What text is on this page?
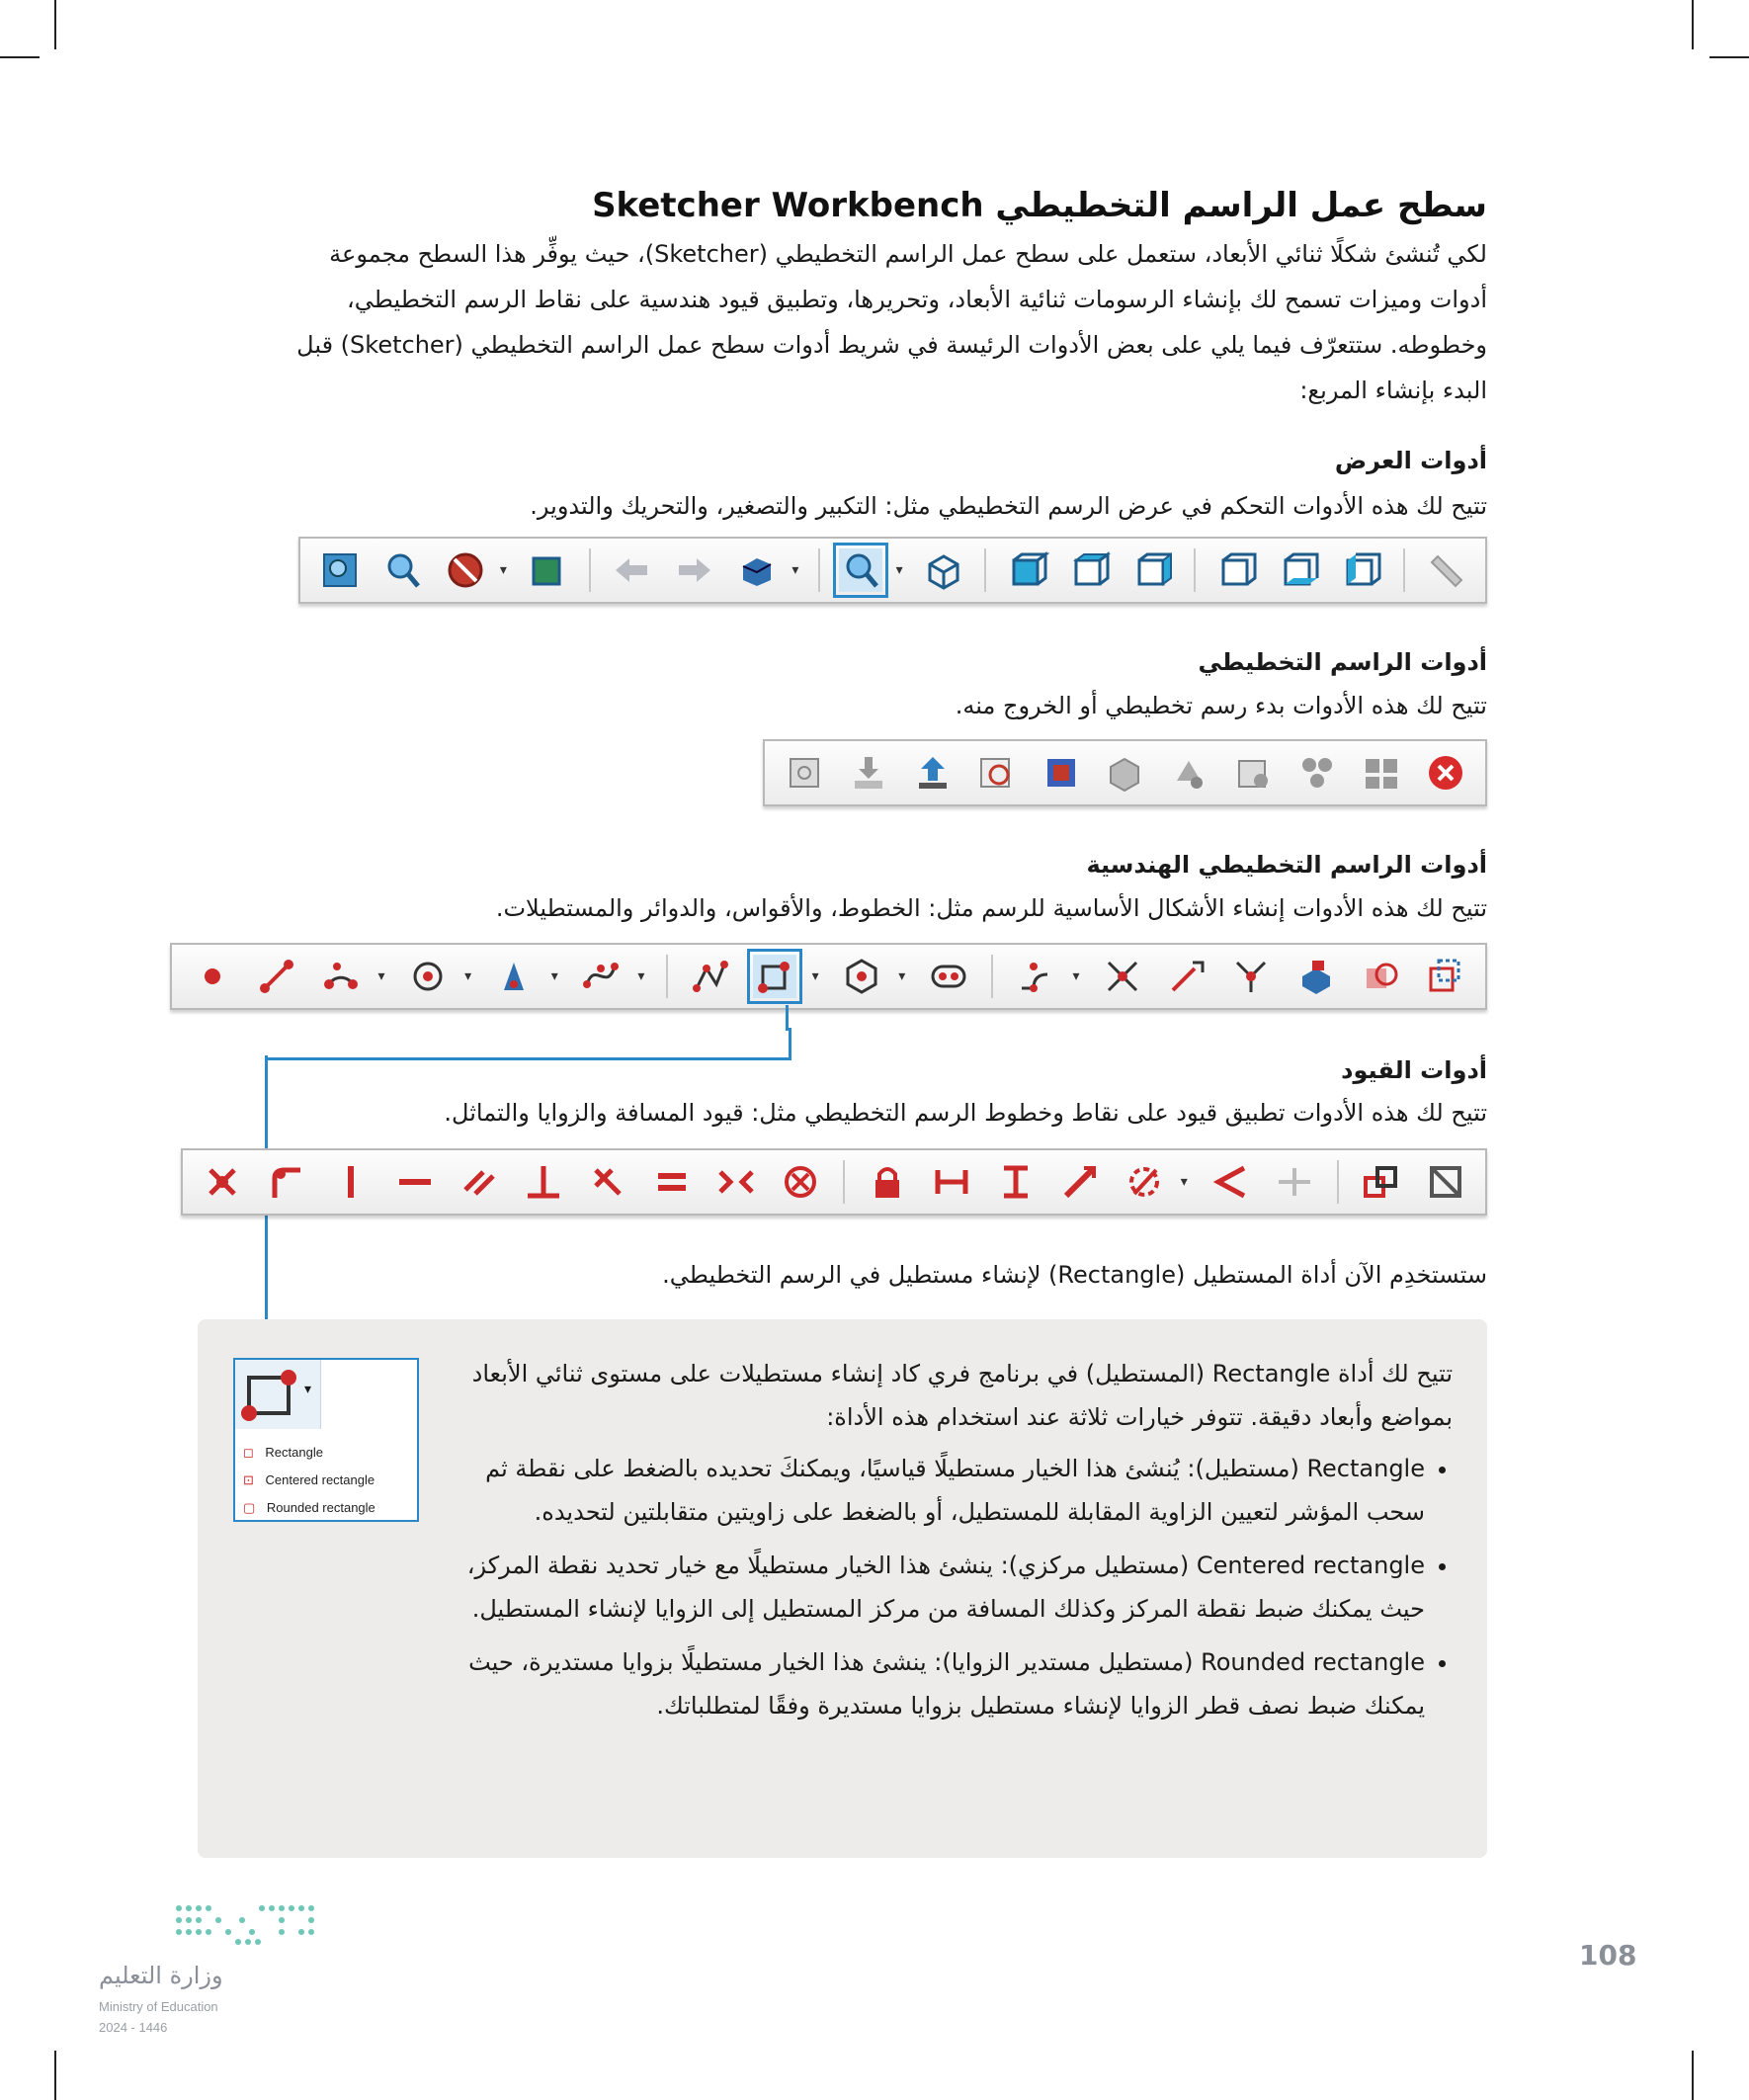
سطح عمل الراسم التخطيطي Sketcher Workbench
لكي تُنشئ شكلًا ثنائي الأبعاد، ستعمل على سطح عمل الراسم التخطيطي (Sketcher)، حيث يوفِّر هذا السطح مجموعة أدوات وميزات تسمح لك بإنشاء الرسومات ثنائية الأبعاد، وتحريرها، وتطبيق قيود هندسية على نقاط الرسم التخطيطي، وخطوطه. ستتعرّف فيما يلي على بعض الأدوات الرئيسة في شريط أدوات سطح عمل الراسم التخطيطي (Sketcher) قبل البدء بإنشاء المربع:
أدوات العرض
تتيح لك هذه الأدوات التحكم في عرض الرسم التخطيطي مثل: التكبير والتصغير، والتحريك والتدوير.
▾	▾	▾
أدوات الراسم التخطيطي
تتيح لك هذه الأدوات بدء رسم تخطيطي أو الخروج منه.
أدوات الراسم التخطيطي الهندسية
تتيح لك هذه الأدوات إنشاء الأشكال الأساسية للرسم مثل: الخطوط، والأقواس، والدوائر والمستطيلات.
▾	▾	▾	▾	▾	▾	▾
أدوات القيود
تتيح لك هذه الأدوات تطبيق قيود على نقاط وخطوط الرسم التخطيطي مثل: قيود المسافة والزوايا والتماثل.
▾
ستستخدِم الآن أداة المستطيل (Rectangle) لإنشاء مستطيل في الرسم التخطيطي.
▾
◻ Rectangle
⊡ Centered rectangle
▢ Rounded rectangle
تتيح لك أداة Rectangle (المستطيل) في برنامج فري كاد إنشاء مستطيلات على مستوى ثنائي الأبعاد بمواضع وأبعاد دقيقة. تتوفر خيارات ثلاثة عند استخدام هذه الأداة:
• Rectangle (مستطيل): يُنشئ هذا الخيار مستطيلًا قياسيًا، ويمكنكَ تحديده بالضغط على نقطة ثم سحب المؤشر لتعيين الزاوية المقابلة للمستطيل، أو بالضغط على زاويتين متقابلتين لتحديده.
• Centered rectangle (مستطيل مركزي): ينشئ هذا الخيار مستطيلًا مع خيار تحديد نقطة المركز، حيث يمكنك ضبط نقطة المركز وكذلك المسافة من مركز المستطيل إلى الزوايا لإنشاء المستطيل.
• Rounded rectangle (مستطيل مستدير الزوايا): ينشئ هذا الخيار مستطيلًا بزوايا مستديرة، حيث يمكنك ضبط نصف قطر الزوايا لإنشاء مستطيل بزوايا مستديرة وفقًا لمتطلباتك.
108
وزارة التعليم
Ministry of Education
2024 - 1446
